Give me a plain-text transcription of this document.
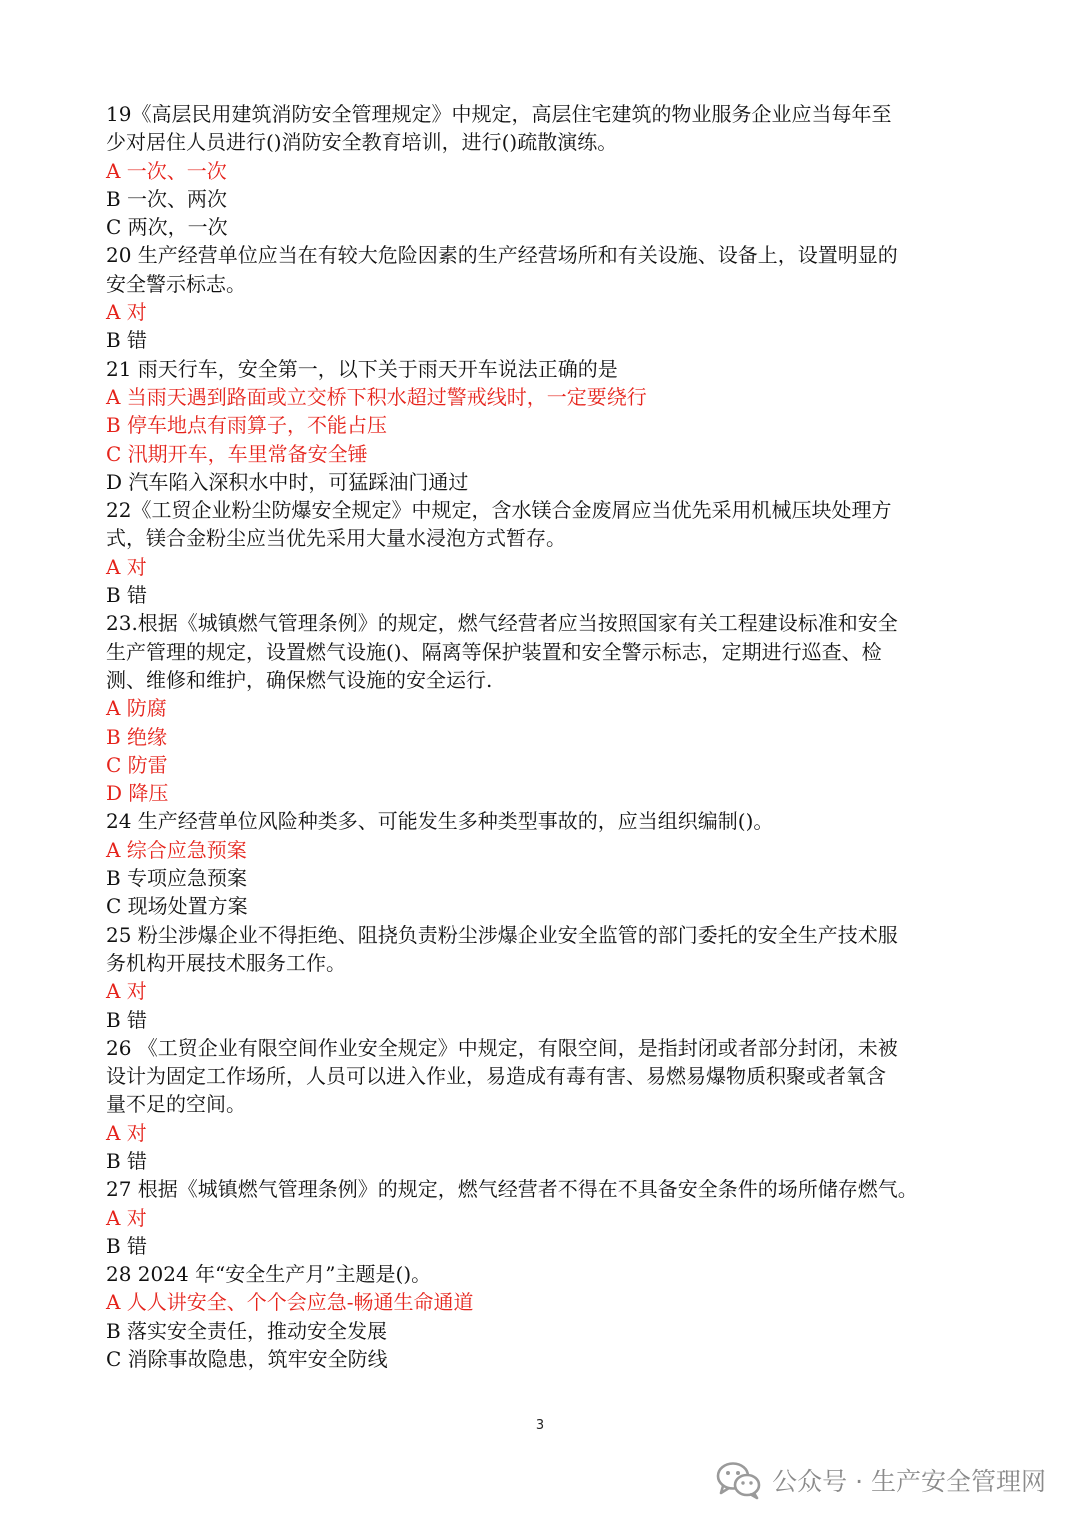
19《高层民用建筑消防安全管理规定》中规定，高层住宅建筑的物业服务企业应当每年至
少对居住人员进行()消防安全教育培训，进行()疏散演练。
A 一次、一次
B 一次、两次
C 两次，一次
20 生产经营单位应当在有较大危险因素的生产经营场所和有关设施、设备上，设置明显的
安全警示标志。
A 对
B 错
21 雨天行车，安全第一，以下关于雨天开车说法正确的是
A 当雨天遇到路面或立交桥下积水超过警戒线时，一定要绕行
B 停车地点有雨算子，不能占压
C 汛期开车，车里常备安全锤
D 汽车陷入深积水中时，可猛踩油门通过
22《工贸企业粉尘防爆安全规定》中规定，含水镁合金废屑应当优先采用机械压块处理方
式，镁合金粉尘应当优先采用大量水浸泡方式暂存。
A 对
B 错
23.根据《城镇燃气管理条例》的规定，燃气经营者应当按照国家有关工程建设标准和安全
生产管理的规定，设置燃气设施()、隔离等保护装置和安全警示标志，定期进行巡查、检
测、维修和维护，确保燃气设施的安全运行.
A 防腐
B 绝缘
C 防雷
D 降压
24 生产经营单位风险种类多、可能发生多种类型事故的，应当组织编制()。
A 综合应急预案
B 专项应急预案
C 现场处置方案
25 粉尘涉爆企业不得拒绝、阻挠负责粉尘涉爆企业安全监管的部门委托的安全生产技术服
务机构开展技术服务工作。
A 对
B 错
26 《工贸企业有限空间作业安全规定》中规定，有限空间，是指封闭或者部分封闭，未被
设计为固定工作场所，人员可以进入作业，易造成有毒有害、易燃易爆物质积聚或者氧含
量不足的空间。
A 对
B 错
27 根据《城镇燃气管理条例》的规定，燃气经营者不得在不具备安全条件的场所储存燃气。
A 对
B 错
28 2024 年“安全生产月”主题是()。
A 人人讲安全、个个会应急-畅通生命通道
B 落实安全责任，推动安全发展
C 消除事故隐患，筑牢安全防线
3
公众号 · 生产安全管理网
